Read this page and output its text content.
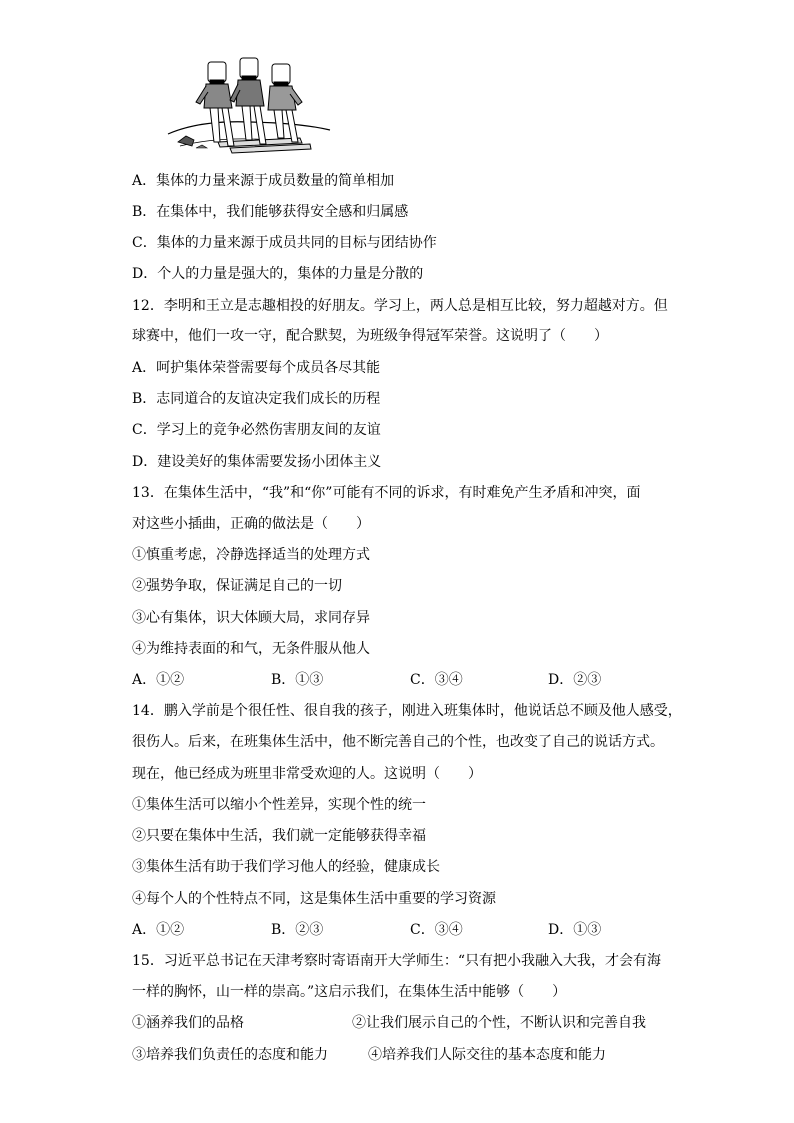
A．集体的力量来源于成员数量的简单相加
B．在集体中，我们能够获得安全感和归属感
C．集体的力量来源于成员共同的目标与团结协作
D．个人的力量是强大的，集体的力量是分散的
12．李明和王立是志趣相投的好朋友。学习上，两人总是相互比较，努力超越对方。但
球赛中，他们一攻一守，配合默契，为班级争得冠军荣誉。这说明了（　　）
A．呵护集体荣誉需要每个成员各尽其能
B．志同道合的友谊决定我们成长的历程
C．学习上的竞争必然伤害朋友间的友谊
D．建设美好的集体需要发扬小团体主义
13．在集体生活中，“我”和“你”可能有不同的诉求，有时难免产生矛盾和冲突，面
对这些小插曲，正确的做法是（　　）
①慎重考虑，冷静选择适当的处理方式
②强势争取，保证满足自己的一切
③心有集体，识大体顾大局，求同存异
④为维持表面的和气，无条件服从他人
A．①②	B．①③	C．③④	D．②③
14．鹏入学前是个很任性、很自我的孩子，刚进入班集体时，他说话总不顾及他人感受，
很伤人。后来，在班集体生活中，他不断完善自己的个性，也改变了自己的说话方式。
现在，他已经成为班里非常受欢迎的人。这说明（　　）
①集体生活可以缩小个性差异，实现个性的统一
②只要在集体中生活，我们就一定能够获得幸福
③集体生活有助于我们学习他人的经验，健康成长
④每个人的个性特点不同，这是集体生活中重要的学习资源
A．①②	B．②③	C．③④	D．①③
15．习近平总书记在天津考察时寄语南开大学师生：“只有把小我融入大我，才会有海
一样的胸怀，山一样的崇高。”这启示我们，在集体生活中能够（　　）
①涵养我们的品格	②让我们展示自己的个性，不断认识和完善自我
③培养我们负责任的态度和能力	④培养我们人际交往的基本态度和能力
